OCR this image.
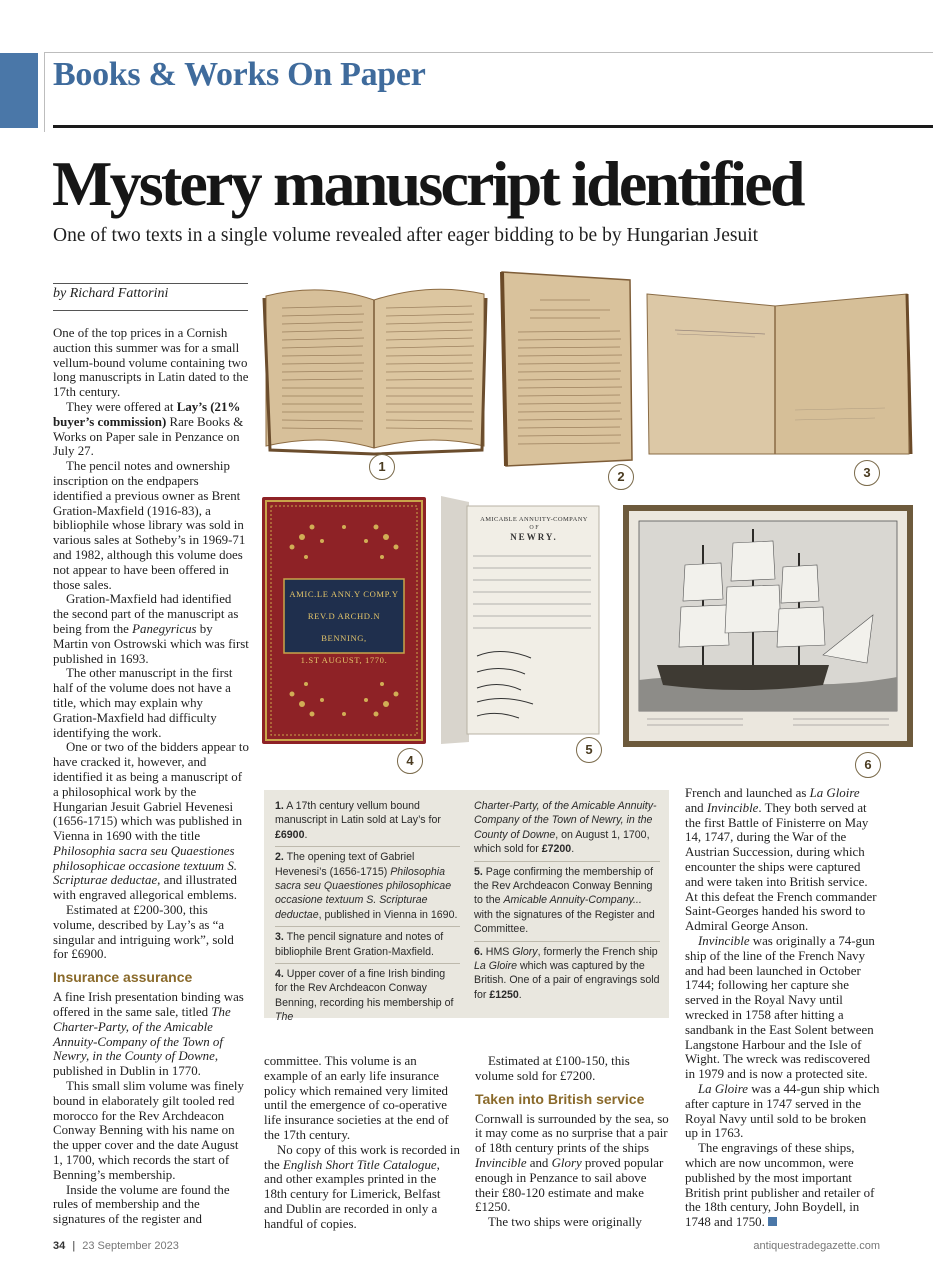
Books & Works On Paper
Mystery manuscript identified
One of two texts in a single volume revealed after eager bidding to be by Hungarian Jesuit
by Richard Fattorini

One of the top prices in a Cornish auction this summer was for a small vellum-bound volume containing two long manuscripts in Latin dated to the 17th century.

They were offered at Lay’s (21% buyer’s commission) Rare Books & Works on Paper sale in Penzance on July 27.

The pencil notes and ownership inscription on the endpapers identified a previous owner as Brent Gration-Maxfield (1916-83), a bibliophile whose library was sold in various sales at Sotheby’s in 1969-71 and 1982, although this volume does not appear to have been offered in those sales.

Gration-Maxfield had identified the second part of the manuscript as being from the Panegyricus by Martin von Ostrowski which was first published in 1693.

The other manuscript in the first half of the volume does not have a title, which may explain why Gration-Maxfield had difficulty identifying the work.

One or two of the bidders appear to have cracked it, however, and identified it as being a manuscript of a philosophical work by the Hungarian Jesuit Gabriel Hevenesi (1656-1715) which was published in Vienna in 1690 with the title Philosophia sacra seu Quaestiones philosophicae occasione textuum S. Scripturae deductae, and illustrated with engraved allegorical emblems.

Estimated at £200-300, this volume, described by Lay’s as “a singular and intriguing work”, sold for £6900.

Insurance assurance

A fine Irish presentation binding was offered in the same sale, titled The Charter-Party, of the Amicable Annuity-Company of the Town of Newry, in the County of Downe, published in Dublin in 1770.

This small slim volume was finely bound in elaborately gilt tooled red morocco for the Rev Archdeacon Conway Benning with his name on the upper cover and the date August 1, 1700, which records the start of Benning’s membership.

Inside the volume are found the rules of membership and the signatures of the register and

1
2	3
AMIC.LE ANN.Y COMP.Y
REV.D ARCHD.N BENNING,
1.ST AUGUST, 1770.
4
AMICABLE ANNUITY-COMPANY
O F
NEWRY.
5
6
1. A 17th century vellum bound manuscript in Latin sold at Lay’s for £6900.
2. The opening text of Gabriel Hevenesi’s (1656-1715) Philosophia sacra seu Quaestiones philosophicae occasione textuum S. Scripturae deductae, published in Vienna in 1690.
3. The pencil signature and notes of bibliophile Brent Gration-Maxfield.
4. Upper cover of a fine Irish binding for the Rev Archdeacon Conway Benning, recording his membership of The
Charter-Party, of the Amicable Annuity-Company of the Town of Newry, in the County of Downe, on August 1, 1700, which sold for £7200.
5. Page confirming the membership of the Rev Archdeacon Conway Benning to the Amicable Annuity-Company... with the signatures of the Register and Committee.
6. HMS Glory, formerly the French ship La Gloire which was captured by the British. One of a pair of engravings sold for £1250.

committee. This volume is an example of an early life insurance policy which remained very limited until the emergence of co-operative life insurance societies at the end of the 17th century.

No copy of this work is recorded in the English Short Title Catalogue, and other examples printed in the 18th century for Limerick, Belfast and Dublin are recorded in only a handful of copies.

Estimated at £100-150, this volume sold for £7200.

Taken into British service

Cornwall is surrounded by the sea, so it may come as no surprise that a pair of 18th century prints of the ships Invincible and Glory proved popular enough in Penzance to sail above their £80-120 estimate and make £1250.

The two ships were originally

French and launched as La Gloire and Invincible. They both served at the first Battle of Finisterre on May 14, 1747, during the War of the Austrian Succession, during which encounter the ships were captured and were taken into British service. At this defeat the French commander Saint-Georges handed his sword to Admiral George Anson.

Invincible was originally a 74-gun ship of the line of the French Navy and had been launched in October 1744; following her capture she served in the Royal Navy until wrecked in 1758 after hitting a sandbank in the East Solent between Langstone Harbour and the Isle of Wight. The wreck was rediscovered in 1979 and is now a protected site.

La Gloire was a 44-gun ship which after capture in 1747 served in the Royal Navy until sold to be broken up in 1763.

The engravings of these ships, which are now uncommon, were published by the most important British print publisher and retailer of the 18th century, John Boydell, in 1748 and 1750.

34 | 23 September 2023	antiquestradegazette.com
